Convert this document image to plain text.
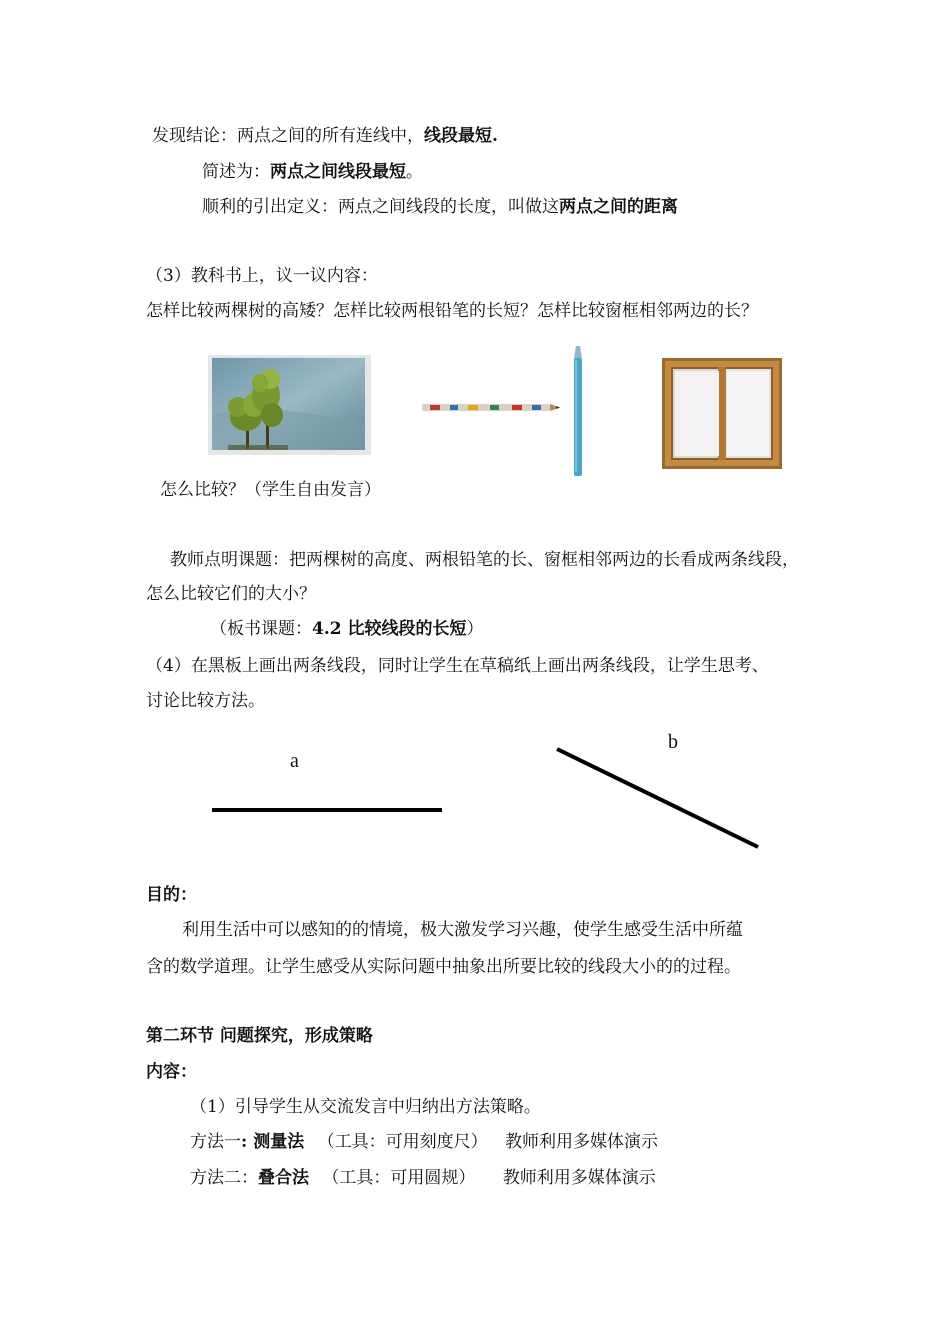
发现结论：两点之间的所有连线中，线段最短.
简述为：两点之间线段最短。
顺利的引出定义：两点之间线段的长度，叫做这两点之间的距离
（3）教科书上，议一议内容：
怎样比较两棵树的高矮？怎样比较两根铅笔的长短？怎样比较窗框相邻两边的长？
怎么比较？（学生自由发言）
教师点明课题：把两棵树的高度、两根铅笔的长、窗框相邻两边的长看成两条线段，
怎么比较它们的大小？
（板书课题：4.2 比较线段的长短）
（4）在黑板上画出两条线段，同时让学生在草稿纸上画出两条线段，让学生思考、
讨论比较方法。
a
b
目的：
利用生活中可以感知的的情境，极大激发学习兴趣，使学生感受生活中所蕴
含的数学道理。让学生感受从实际问题中抽象出所要比较的线段大小的的过程。
第二环节 问题探究，形成策略
内容：
（1）引导学生从交流发言中归纳出方法策略。
方法一: 测量法 （工具：可用刻度尺） 教师利用多媒体演示
方法二：叠合法 （工具：可用圆规） 教师利用多媒体演示
